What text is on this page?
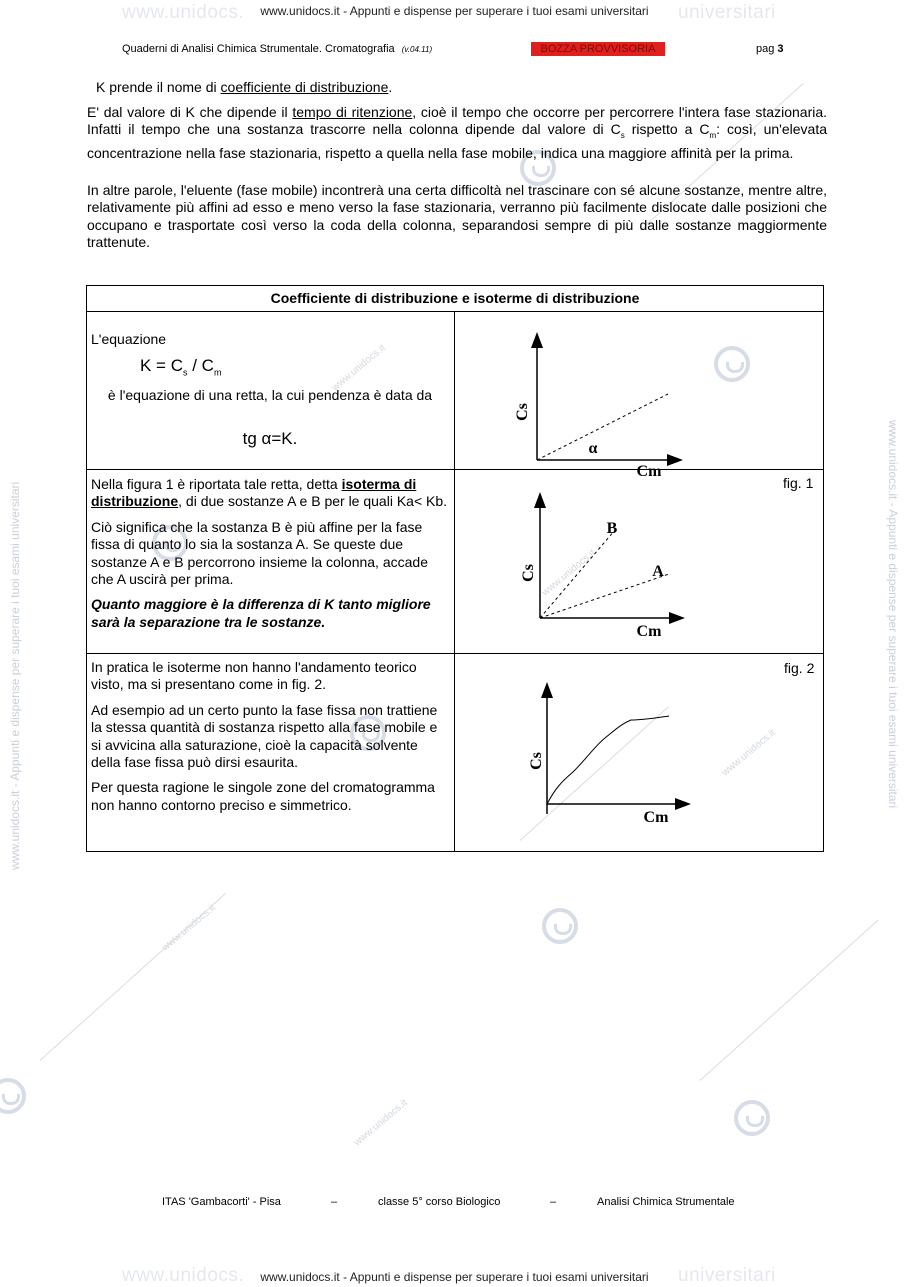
www.unidocs.	universitari
www.unidocs.it - Appunti e dispense per superare i tuoi esami universitari
www.unidocs.	universitari
www.unidocs.it - Appunti e dispense per superare i tuoi esami universitari
www.unidocs.it - Appunti e dispense per superare i tuoi esami universitari	www.unidocs.it - Appunti e dispense per superare i tuoi esami universitari
www.unidocs.it
www.unidocs.it
www.unidocs.it
www.unidocs.it
www.unidocs.it
Quaderni di Analisi Chimica Strumentale. Cromatografia (v.04.11)	BOZZA PROVVISORIA	pag 3
K prende il nome di coefficiente di distribuzione.
E' dal valore di K che dipende il tempo di ritenzione, cioè il tempo che occorre per percorrere l'intera fase stazionaria. Infatti il tempo che una sostanza trascorre nella colonna dipende dal valore di $C_s$ rispetto a $C_m$: così, un'elevata concentrazione nella fase stazionaria, rispetto a quella nella fase mobile, indica una maggiore affinità per la prima.
In altre parole, l'eluente (fase mobile) incontrerà una certa difficoltà nel trascinare con sé alcune sostanze, mentre altre, relativamente più affini ad esso e meno verso la fase stazionaria, verranno più facilmente dislocate dalle posizioni che occupano e trasportate così verso la coda della colonna, separandosi sempre di più dalle sostanze maggiormente trattenute.
Coefficiente di distribuzione e isoterme di distribuzione
L'equazione
$K = C_s / C_m$
è l'equazione di una retta, la cui pendenza è data da
tg α=K.

Nella figura 1 è riportata tale retta, detta isoterma di distribuzione, di due sostanze A e B per le quali Ka< Kb.

Ciò significa che la sostanza B è più affine per la fase fissa di quanto lo sia la sostanza A. Se queste due sostanze A e B percorrono insieme la colonna, accade che A uscirà per prima.

Quanto maggiore è la differenza di K tanto migliore sarà la separazione tra le sostanze.

fig. 1

In pratica le isoterme non hanno l'andamento teorico visto, ma si presentano come in fig. 2.

Ad esempio ad un certo punto la fase fissa non trattiene la stessa quantità di sostanza rispetto alla fase mobile e si avvicina alla saturazione, cioè la capacità solvente della fase fissa può dirsi esaurita.

Per questa ragione le singole zone del cromatogramma non hanno contorno preciso e simmetrico.

fig. 2
Cs
Cm
α
Cs
Cm
B
A
Cs
Cm
ITAS 'Gambacorti' - Pisa	–	classe 5° corso Biologico	–	Analisi Chimica Strumentale
